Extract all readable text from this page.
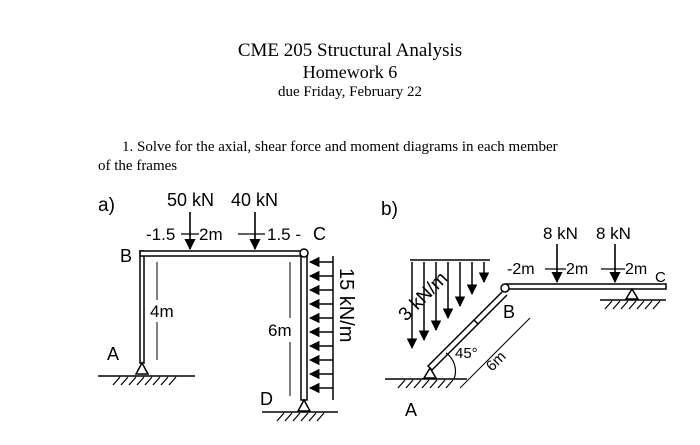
CME 205 Structural Analysis
Homework 6
due Friday, February 22
1. Solve for the axial, shear force and moment diagrams in each member
of the frames
a)	50 kN 40 kN
-1.5 2m	1.5 - C
B
A
D
4m
6m 15 kN/m
b)
8 kN 8 kN
-2m 2m 2m C
B
A
45° 6m
3 kN/m
